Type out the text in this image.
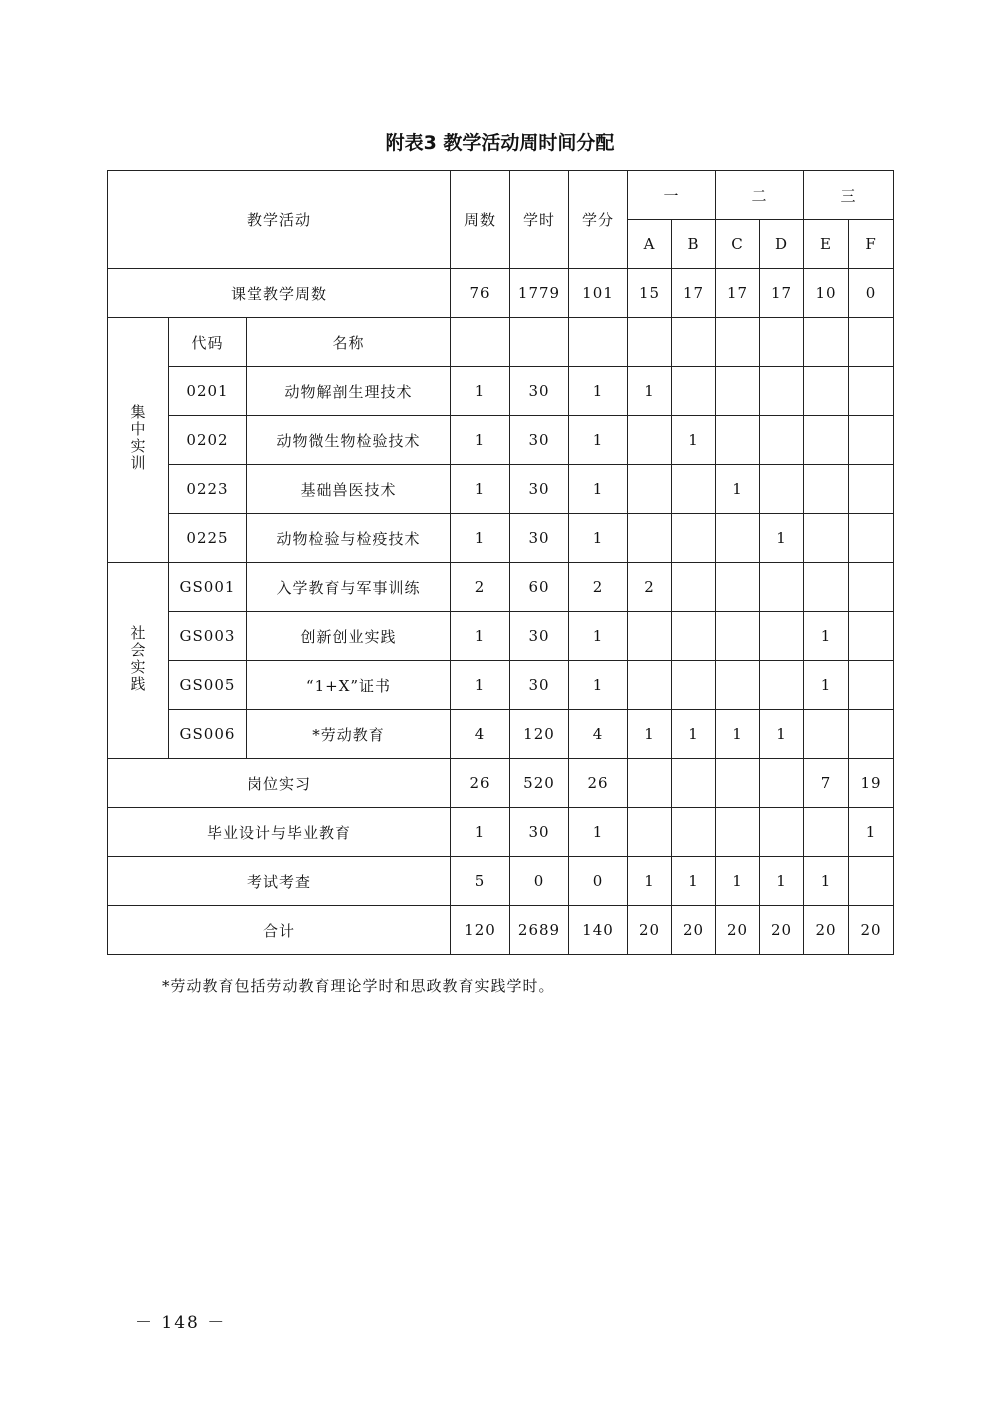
附表3 教学活动周时间分配
教学活动			周数	学时	学分	一		二		三	
						A	B	C	D	E	F
课堂教学周数			76	1779	101	15	17	17	17	10	0
集中实训	代码	名称									
	0201	动物解剖生理技术	1	30	1	1					
	0202	动物微生物检验技术	1	30	1		1				
	0223	基础兽医技术	1	30	1			1			
	0225	动物检验与检疫技术	1	30	1				1		
社会实践	GS001	入学教育与军事训练	2	60	2	2					
	GS003	创新创业实践	1	30	1					1	
	GS005	“1+X”证书	1	30	1					1	
	GS006	*劳动教育	4	120	4	1	1	1	1		
岗位实习			26	520	26					7	19
毕业设计与毕业教育			1	30	1						1
考试考查			5	0	0	1	1	1	1	1	
合计			120	2689	140	20	20	20	20	20	20
*劳动教育包括劳动教育理论学时和思政教育实践学时。
－ 148 －
